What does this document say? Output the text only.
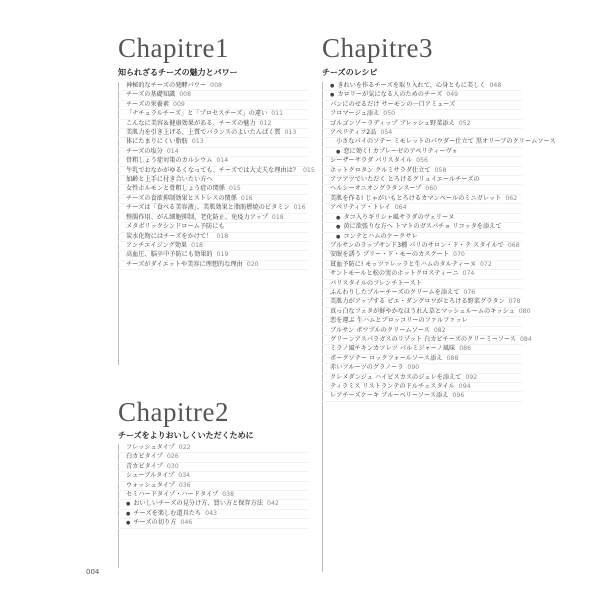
Chapitre1
知られざるチーズの魅力とパワー
神秘的なチーズの発酵パワー 008
チーズの基礎知識 008
チーズの栄養素 009
「ナチュラルチーズ」と「プロセスチーズ」の違い 011
こんなに美容＆健康効果がある、チーズの魅力 012
美肌力を引き上げる、上質でバランスのよいたんぱく質 013
体にたまりにくい脂肪 013
チーズの塩分 014
骨粗しょう症対策のカルシウム 014
牛乳でおなかがゆるくなっても、チーズでは大丈夫な理由は？ 015
加齢と上手に付き合いたい方へ
女性ホルモンと骨粗しょう症の関係 015
チーズの食欲抑制効果とストレスの関係 016
チーズは「食べる美容液」。美肌効果と脂肪燃焼のビタミン 016
整腸作用、がん細胞抑制、老化防止、免疫力アップ 018
メタボリックシンドローム予防にも
炭水化物にはチーズをかけて！ 018
アンチエイジング効果 018
高血圧、脳卒中予防にも効果的 019
チーズがダイエットや美容に理想的な理由 020
Chapitre2
チーズをよりおいしくいただくために
フレッシュタイプ 022
白カビタイプ 026
青カビタイプ 030
シェーブルタイプ 034
ウォッシュタイプ 036
セミハードタイプ・ハードタイプ 038
● おいしいチーズの見分け方、買い方と保存方法 042
● チーズを楽しむ道具たち 043
● チーズの切り方 046
Chapitre3
チーズのレシピ
● きれいを作るチーズを取り入れて、心身ともに美しく 048
● カロリーが気になる人のためのチーズ 049
パンにのせるだけ サーモンの一口アミューズ
フロマージュ添え 050
ゴルゴンゾーラディップ ブレッシュ野菜添え 052
アペリティフ2品 054
小さなパイのソテー ミモレットのパウダー仕立て 黒オリーブのクリームソース
● 恋に効く! カプレーゼのアペリティーヴォ
シーザーサラダ パリスタイル 056
ホットクロタン クルミサラダ仕立て 058
アツアツでいただく とろけるグリュイエールチーズの
ヘルシーオニオングラタンスープ 060
美肌を作る! じゃがいもとろけるカマンベールのミニガレット 062
アペリティフ・トレイ 064
● タコ入りギリシャ風サラダのヴェリーヌ
● 黄に欲張りな方へ トマトのガスパチョ リコッタを添えて
● コンテとハムのケークサレ
ブルサンのラップサンド3種 パリのサロン・ド・テ スタイルで 068
安眠を誘う ブリー・ド・モーのカスクート 070
貧血予防に! モッツァレッラと生ハムのタルティーヌ 072
サントモールと松の実のホットクロスティーニ 074
パリスタイルのフレンチトースト
ふんわりしたブルーチーズのクリームを添えて 076
美肌力がアップする ピエ・ダングロワがとろける野菜グラタン 078
真っ白なフェタが鮮やかなほうれん草とマッシュルームのキッシュ 080
恋を運ぶ 生ハムとブロッコリーのファルファッレ
ブルサン ポワブルのクリームソース 082
グリーンアスパラガスのリゾット 白カビチーズのクリーミーソース 084
ミラノ風チキンカツレツ パルミジャーノ風味 086
ポークソテー ロックフォールソース添え 088
赤いフルーツのグラノーラ 090
クレメダンジュ ハイビスカスのジュレを添えて 092
ティラミス リストランテのドルチェスタイル 094
レアチーズケーキ ブルーベリーソース添え 096
004
